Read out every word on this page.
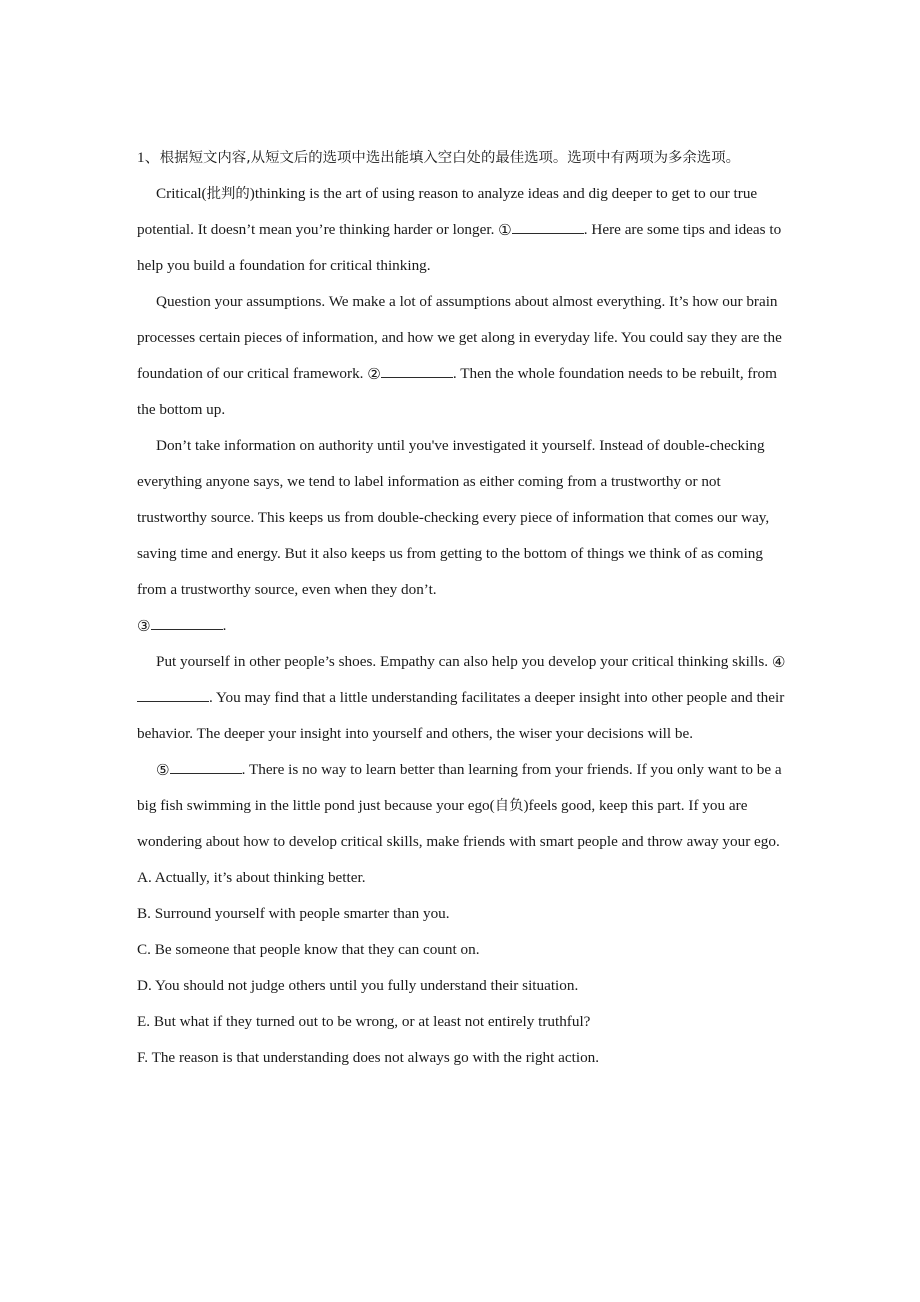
1、根据短文内容,从短文后的选项中选出能填入空白处的最佳选项。选项中有两项为多余选项。

Critical(批判的)thinking is the art of using reason to analyze ideas and dig deeper to get to our true potential. It doesn’t mean you’re thinking harder or longer. ①	. Here are some tips and ideas to help you build a foundation for critical thinking.

Question your assumptions. We make a lot of assumptions about almost everything. It’s how our brain processes certain pieces of information, and how we get along in everyday life. You could say they are the foundation of our critical framework. ②	. Then the whole foundation needs to be rebuilt, from the bottom up.

Don’t take information on authority until you've investigated it yourself. Instead of double-checking everything anyone says, we tend to label information as either coming from a trustworthy or not trustworthy source. This keeps us from double-checking every piece of information that comes our way, saving time and energy. But it also keeps us from getting to the bottom of things we think of as coming from a trustworthy source, even when they don’t.

③	.

Put yourself in other people’s shoes. Empathy can also help you develop your critical thinking skills. ④. You may find that a little understanding facilitates a deeper insight into other people and their behavior. The deeper your insight into yourself and others, the wiser your decisions will be.

⑤	. There is no way to learn better than learning from your friends. If you only want to be a big fish swimming in the little pond just because your ego(自负)feels good, keep this part. If you are wondering about how to develop critical skills, make friends with smart people and throw away your ego.

A. Actually, it’s about thinking better.

B. Surround yourself with people smarter than you.

C. Be someone that people know that they can count on.

D. You should not judge others until you fully understand their situation.

E. But what if they turned out to be wrong, or at least not entirely truthful?

F. The reason is that understanding does not always go with the right action.
